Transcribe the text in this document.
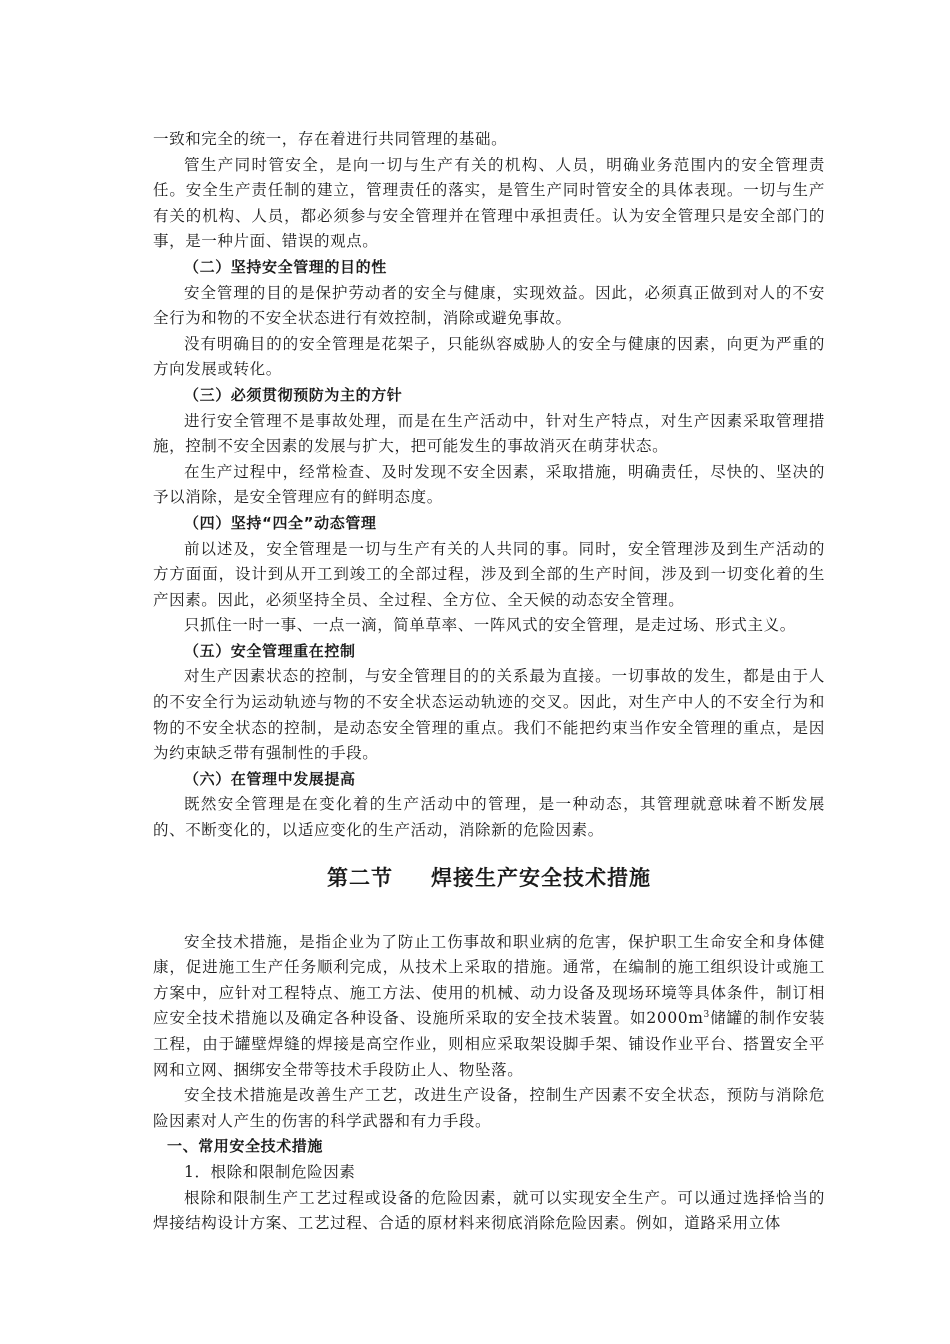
一致和完全的统一，存在着进行共同管理的基础。

管生产同时管安全，是向一切与生产有关的机构、人员，明确业务范围内的安全管理责任。安全生产责任制的建立，管理责任的落实，是管生产同时管安全的具体表现。一切与生产有关的机构、人员，都必须参与安全管理并在管理中承担责任。认为安全管理只是安全部门的事，是一种片面、错误的观点。

（二）坚持安全管理的目的性

安全管理的目的是保护劳动者的安全与健康，实现效益。因此，必须真正做到对人的不安全行为和物的不安全状态进行有效控制，消除或避免事故。

没有明确目的的安全管理是花架子，只能纵容威胁人的安全与健康的因素，向更为严重的方向发展或转化。

（三）必须贯彻预防为主的方针

进行安全管理不是事故处理，而是在生产活动中，针对生产特点，对生产因素采取管理措施，控制不安全因素的发展与扩大，把可能发生的事故消灭在萌芽状态。

在生产过程中，经常检查、及时发现不安全因素，采取措施，明确责任，尽快的、坚决的予以消除，是安全管理应有的鲜明态度。

（四）坚持“四全”动态管理

前以述及，安全管理是一切与生产有关的人共同的事。同时，安全管理涉及到生产活动的方方面面，设计到从开工到竣工的全部过程，涉及到全部的生产时间，涉及到一切变化着的生产因素。因此，必须坚持全员、全过程、全方位、全天候的动态安全管理。

只抓住一时一事、一点一滴，简单草率、一阵风式的安全管理，是走过场、形式主义。

（五）安全管理重在控制

对生产因素状态的控制，与安全管理目的的关系最为直接。一切事故的发生，都是由于人的不安全行为运动轨迹与物的不安全状态运动轨迹的交叉。因此，对生产中人的不安全行为和物的不安全状态的控制，是动态安全管理的重点。我们不能把约束当作安全管理的重点，是因为约束缺乏带有强制性的手段。

（六）在管理中发展提高

既然安全管理是在变化着的生产活动中的管理，是一种动态，其管理就意味着不断发展的、不断变化的，以适应变化的生产活动，消除新的危险因素。

第二节 焊接生产安全技术措施

安全技术措施，是指企业为了防止工伤事故和职业病的危害，保护职工生命安全和身体健康，促进施工生产任务顺利完成，从技术上采取的措施。通常，在编制的施工组织设计或施工方案中，应针对工程特点、施工方法、使用的机械、动力设备及现场环境等具体条件，制订相应安全技术措施以及确定各种设备、设施所采取的安全技术装置。如$2000m^3$储罐的制作安装工程，由于罐壁焊缝的焊接是高空作业，则相应采取架设脚手架、铺设作业平台、搭置安全平网和立网、捆绑安全带等技术手段防止人、物坠落。

安全技术措施是改善生产工艺，改进生产设备，控制生产因素不安全状态，预防与消除危险因素对人产生的伤害的科学武器和有力手段。

一、常用安全技术措施

1．根除和限制危险因素

根除和限制生产工艺过程或设备的危险因素，就可以实现安全生产。可以通过选择恰当的焊接结构设计方案、工艺过程、合适的原材料来彻底消除危险因素。例如，道路采用立体
